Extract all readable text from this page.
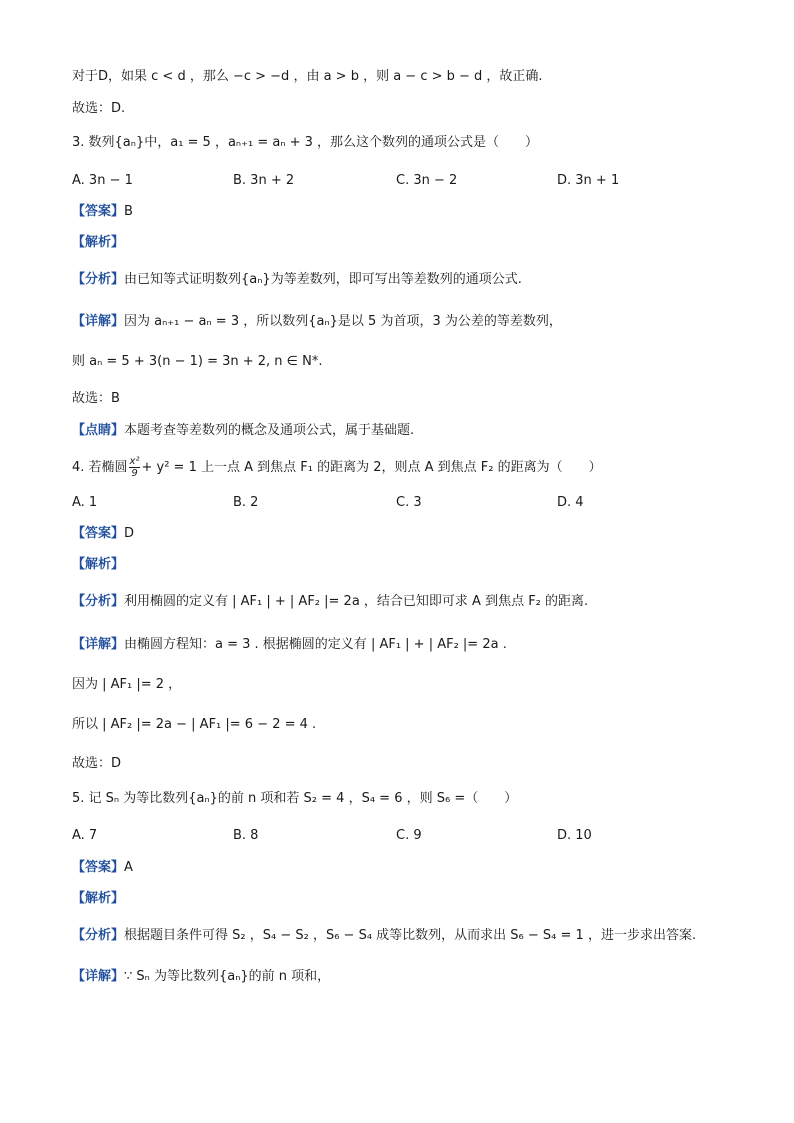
对于D，如果 c < d ，那么 −c > −d ，由 a > b ，则 a − c > b − d ，故正确.
故选：D.
3. 数列{aₙ}中，a₁ = 5 ，aₙ₊₁ = aₙ + 3 ，那么这个数列的通项公式是（　　）
A. 3n − 1	B. 3n + 2	C. 3n − 2	D. 3n + 1
【答案】B
【解析】
【分析】由已知等式证明数列{aₙ}为等差数列，即可写出等差数列的通项公式.
【详解】因为 aₙ₊₁ − aₙ = 3 ，所以数列{aₙ}是以 5 为首项，3 为公差的等差数列，
则 aₙ = 5 + 3(n − 1) = 3n + 2, n ∈ N*.
故选：B
【点睛】本题考查等差数列的概念及通项公式，属于基础题.
4. 若椭圆 $\frac{\text{x²}}{9} + y^2 = 1$ 上一点 A 到焦点 F₁ 的距离为 2，则点 A 到焦点 F₂ 的距离为（　　）
A. 1	B. 2	C. 3	D. 4
【答案】D
【解析】
【分析】利用椭圆的定义有 | AF₁ | + | AF₂ |= 2a ，结合已知即可求 A 到焦点 F₂ 的距离.
【详解】由椭圆方程知：a = 3 . 根据椭圆的定义有 | AF₁ | + | AF₂ |= 2a .
因为 | AF₁ |= 2 ，
所以 | AF₂ |= 2a − | AF₁ |= 6 − 2 = 4 .
故选：D
5. 记 Sₙ 为等比数列{aₙ}的前 n 项和若 S₂ = 4 ，S₄ = 6 ，则 S₆ =（　　）
A. 7	B. 8	C. 9	D. 10
【答案】A
【解析】
【分析】根据题目条件可得 S₂ ，S₄ − S₂ ，S₆ − S₄ 成等比数列，从而求出 S₆ − S₄ = 1 ，进一步求出答案.
【详解】∵ Sₙ 为等比数列{aₙ}的前 n 项和，
